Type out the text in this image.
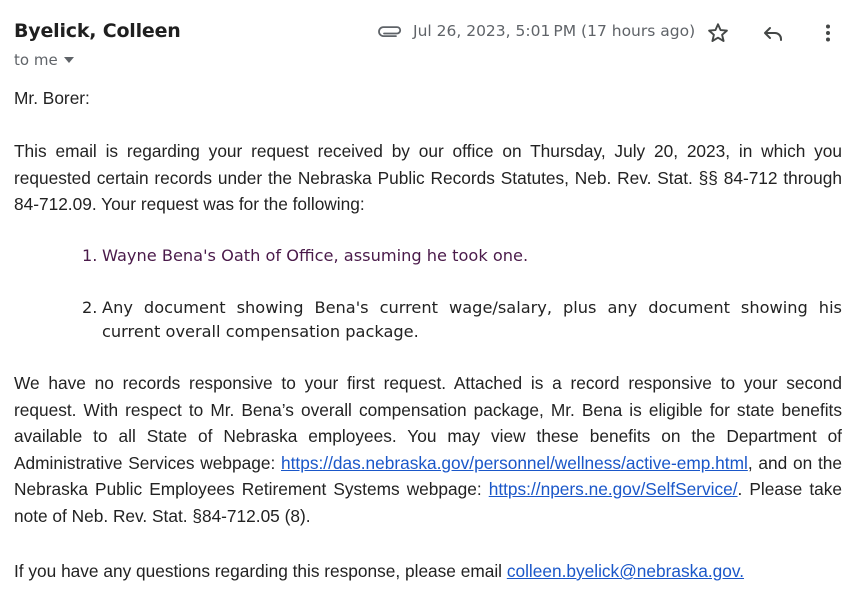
Byelick, Colleen
to me
Jul 26, 2023, 5:01 PM (17 hours ago)
Mr. Borer:
This email is regarding your request received by our office on Thursday, July 20, 2023, in which you requested certain records under the Nebraska Public Records Statutes, Neb. Rev. Stat. §§ 84-712 through 84-712.09. Your request was for the following:
1. Wayne Bena's Oath of Office, assuming he took one.
2. Any document showing Bena's current wage/salary, plus any document showing his current overall compensation package.
We have no records responsive to your first request. Attached is a record responsive to your second request. With respect to Mr. Bena’s overall compensation package, Mr. Bena is eligible for state benefits available to all State of Nebraska employees. You may view these benefits on the Department of Administrative Services webpage: https://das.nebraska.gov/personnel/wellness/active-emp.html, and on the Nebraska Public Employees Retirement Systems webpage: https://npers.ne.gov/SelfService/. Please take note of Neb. Rev. Stat. §84-712.05 (8).
If you have any questions regarding this response, please email colleen.byelick@nebraska.gov.
